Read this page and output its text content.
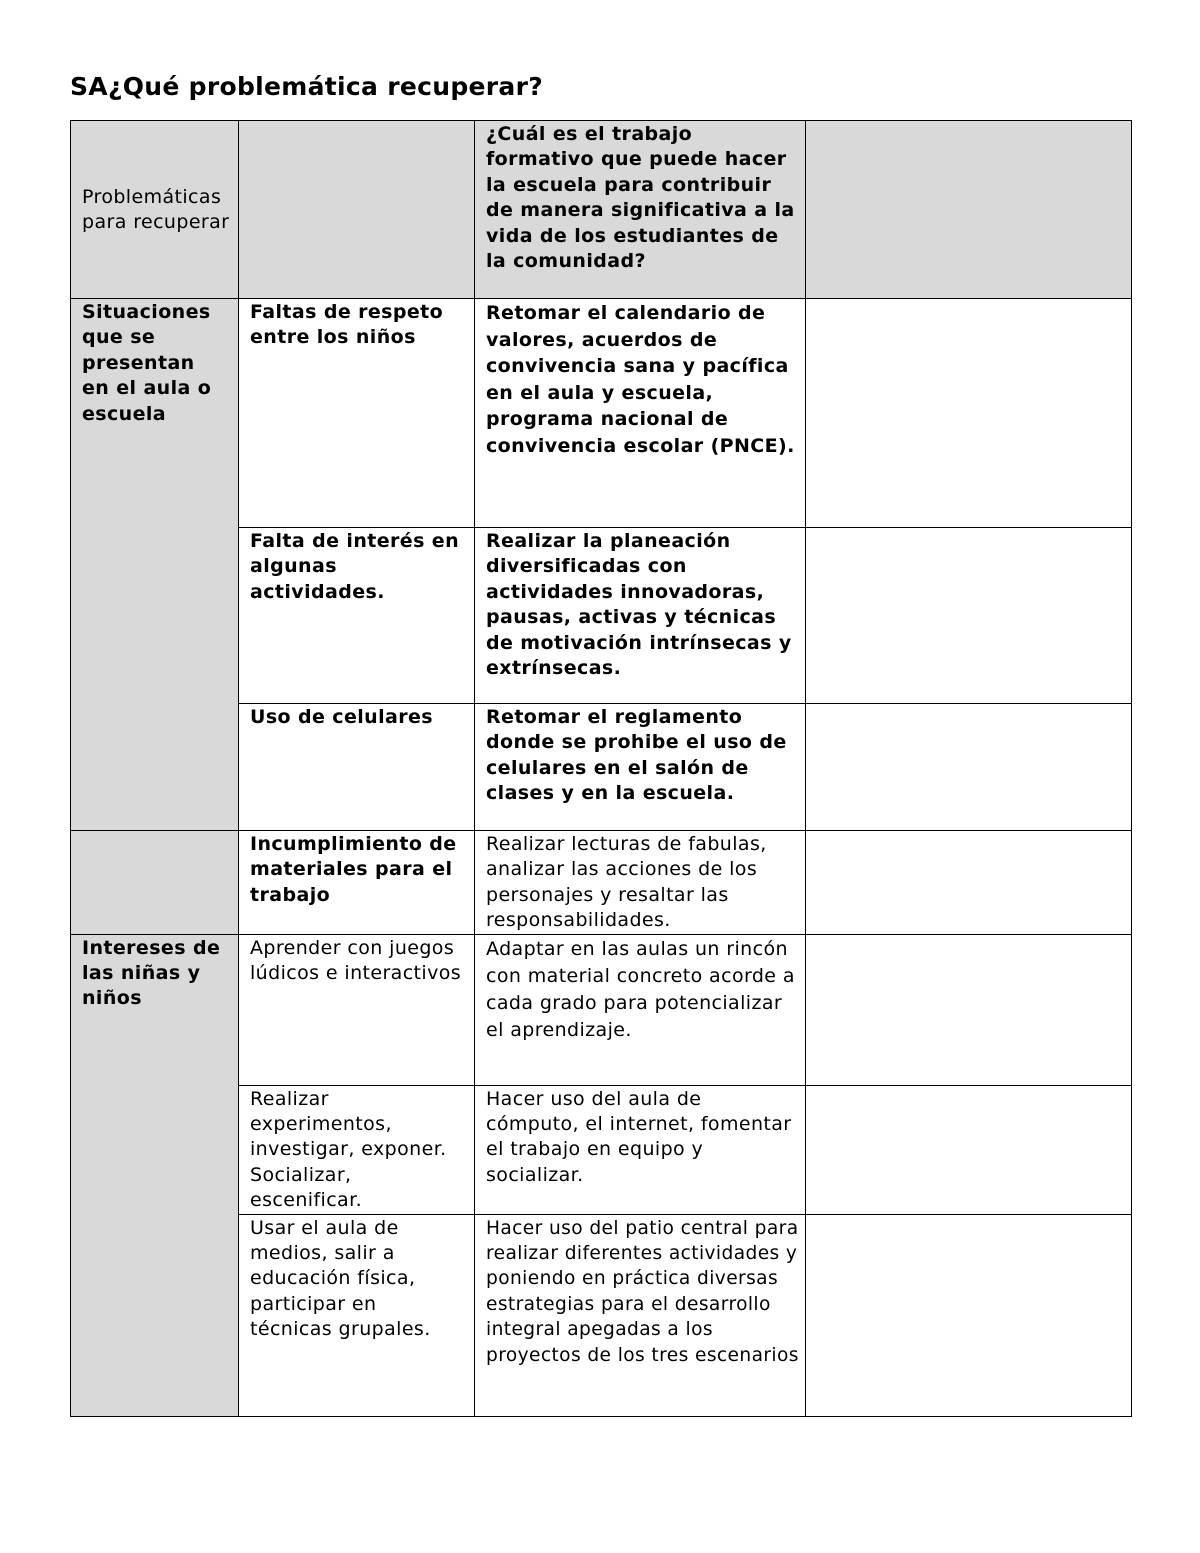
SA¿Qué problemática recuperar?
Problemáticas para recuperar		¿Cuál es el trabajo formativo que puede hacer la escuela para contribuir de manera significativa a la vida de los estudiantes de la comunidad?	
Situaciones que se presentan en el aula o escuela	Faltas de respeto entre los niños	Retomar el calendario de valores, acuerdos de convivencia sana y pacífica en el aula y escuela, programa nacional de convivencia escolar (PNCE).	
	Falta de interés en algunas actividades.	Realizar la planeación diversificadas con actividades innovadoras, pausas, activas y técnicas de motivación intrínsecas y extrínsecas.	
	Uso de celulares	Retomar el reglamento donde se prohibe el uso de celulares en el salón de clases y en la escuela.	
	Incumplimiento de materiales para el trabajo	Realizar lecturas de fabulas, analizar las acciones de los personajes y resaltar las responsabilidades.	
Intereses de las niñas y niños	Aprender con juegos lúdicos e interactivos	Adaptar en las aulas un rincón con material concreto acorde a cada grado para potencializar el aprendizaje.	
	Realizar experimentos, investigar, exponer. Socializar, escenificar.	Hacer uso del aula de cómputo, el internet, fomentar el trabajo en equipo y socializar.	
	Usar el aula de medios, salir a educación física, participar en técnicas grupales.	Hacer uso del patio central para realizar diferentes actividades y poniendo en práctica diversas estrategias para el desarrollo integral apegadas a los proyectos de los tres escenarios	
